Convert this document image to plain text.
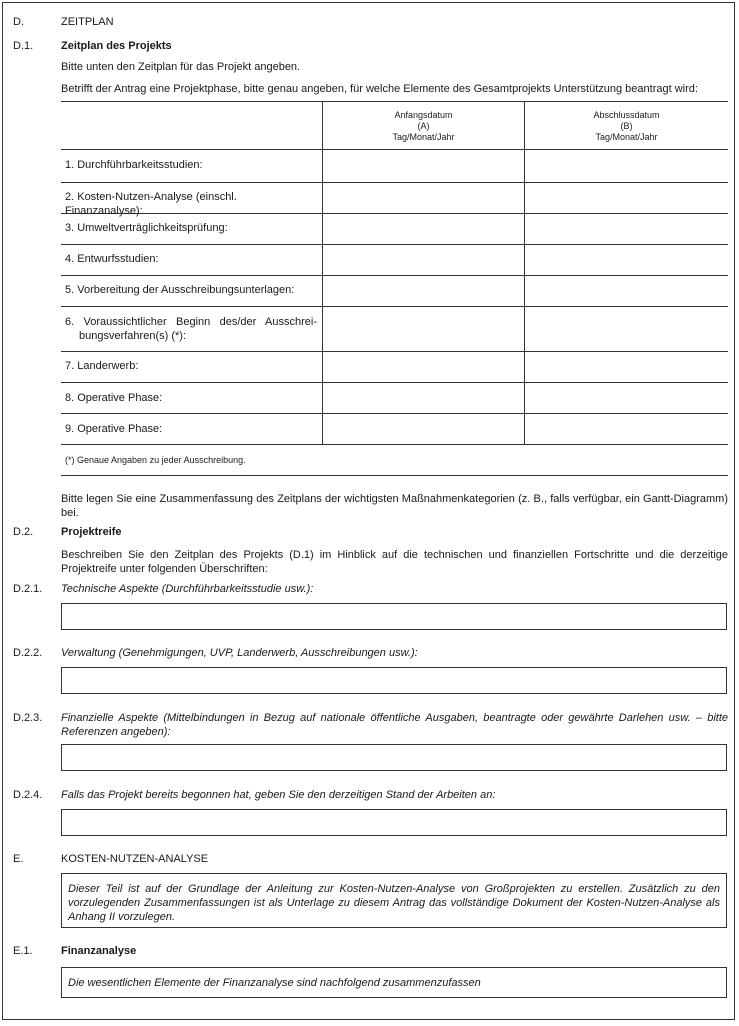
D.	ZEITPLAN
D.1.	Zeitplan des Projekts
Bitte unten den Zeitplan für das Projekt angeben.
Betrifft der Antrag eine Projektphase, bitte genau angeben, für welche Elemente des Gesamtprojekts Unterstützung beantragt wird:
Anfangsdatum
(A)
Tag/Monat/Jahr
Abschlussdatum
(B)
Tag/Monat/Jahr
1. Durchführbarkeitsstudien:
2. Kosten-Nutzen-Analyse (einschl. Finanzanalyse):
3. Umweltverträglichkeitsprüfung:
4. Entwurfsstudien:
5. Vorbereitung der Ausschreibungsunterlagen:
6. Voraussichtlicher Beginn des/der Ausschrei-
bungsverfahren(s) (*):
7. Landerwerb:
8. Operative Phase:
9. Operative Phase:
(*) Genaue Angaben zu jeder Ausschreibung.
Bitte legen Sie eine Zusammenfassung des Zeitplans der wichtigsten Maßnahmenkategorien (z. B., falls verfügbar, ein Gantt-Diagramm) bei.
D.2.	Projektreife
Beschreiben Sie den Zeitplan des Projekts (D.1) im Hinblick auf die technischen und finanziellen Fortschritte und die derzeitige Projektreife unter folgenden Überschriften:
D.2.1. Technische Aspekte (Durchführbarkeitsstudie usw.):
D.2.2. Verwaltung (Genehmigungen, UVP, Landerwerb, Ausschreibungen usw.):
D.2.3. Finanzielle Aspekte (Mittelbindungen in Bezug auf nationale öffentliche Ausgaben, beantragte oder gewährte Darlehen usw. – bitte Referenzen angeben):
D.2.4. Falls das Projekt bereits begonnen hat, geben Sie den derzeitigen Stand der Arbeiten an:
E.	KOSTEN-NUTZEN-ANALYSE
Dieser Teil ist auf der Grundlage der Anleitung zur Kosten-Nutzen-Analyse von Großprojekten zu erstellen. Zusätzlich zu den vorzulegenden Zusammenfassungen ist als Unterlage zu diesem Antrag das vollständige Dokument der Kosten-Nutzen-Analyse als Anhang II vorzulegen.
E.1.	Finanzanalyse
Die wesentlichen Elemente der Finanzanalyse sind nachfolgend zusammenzufassen
